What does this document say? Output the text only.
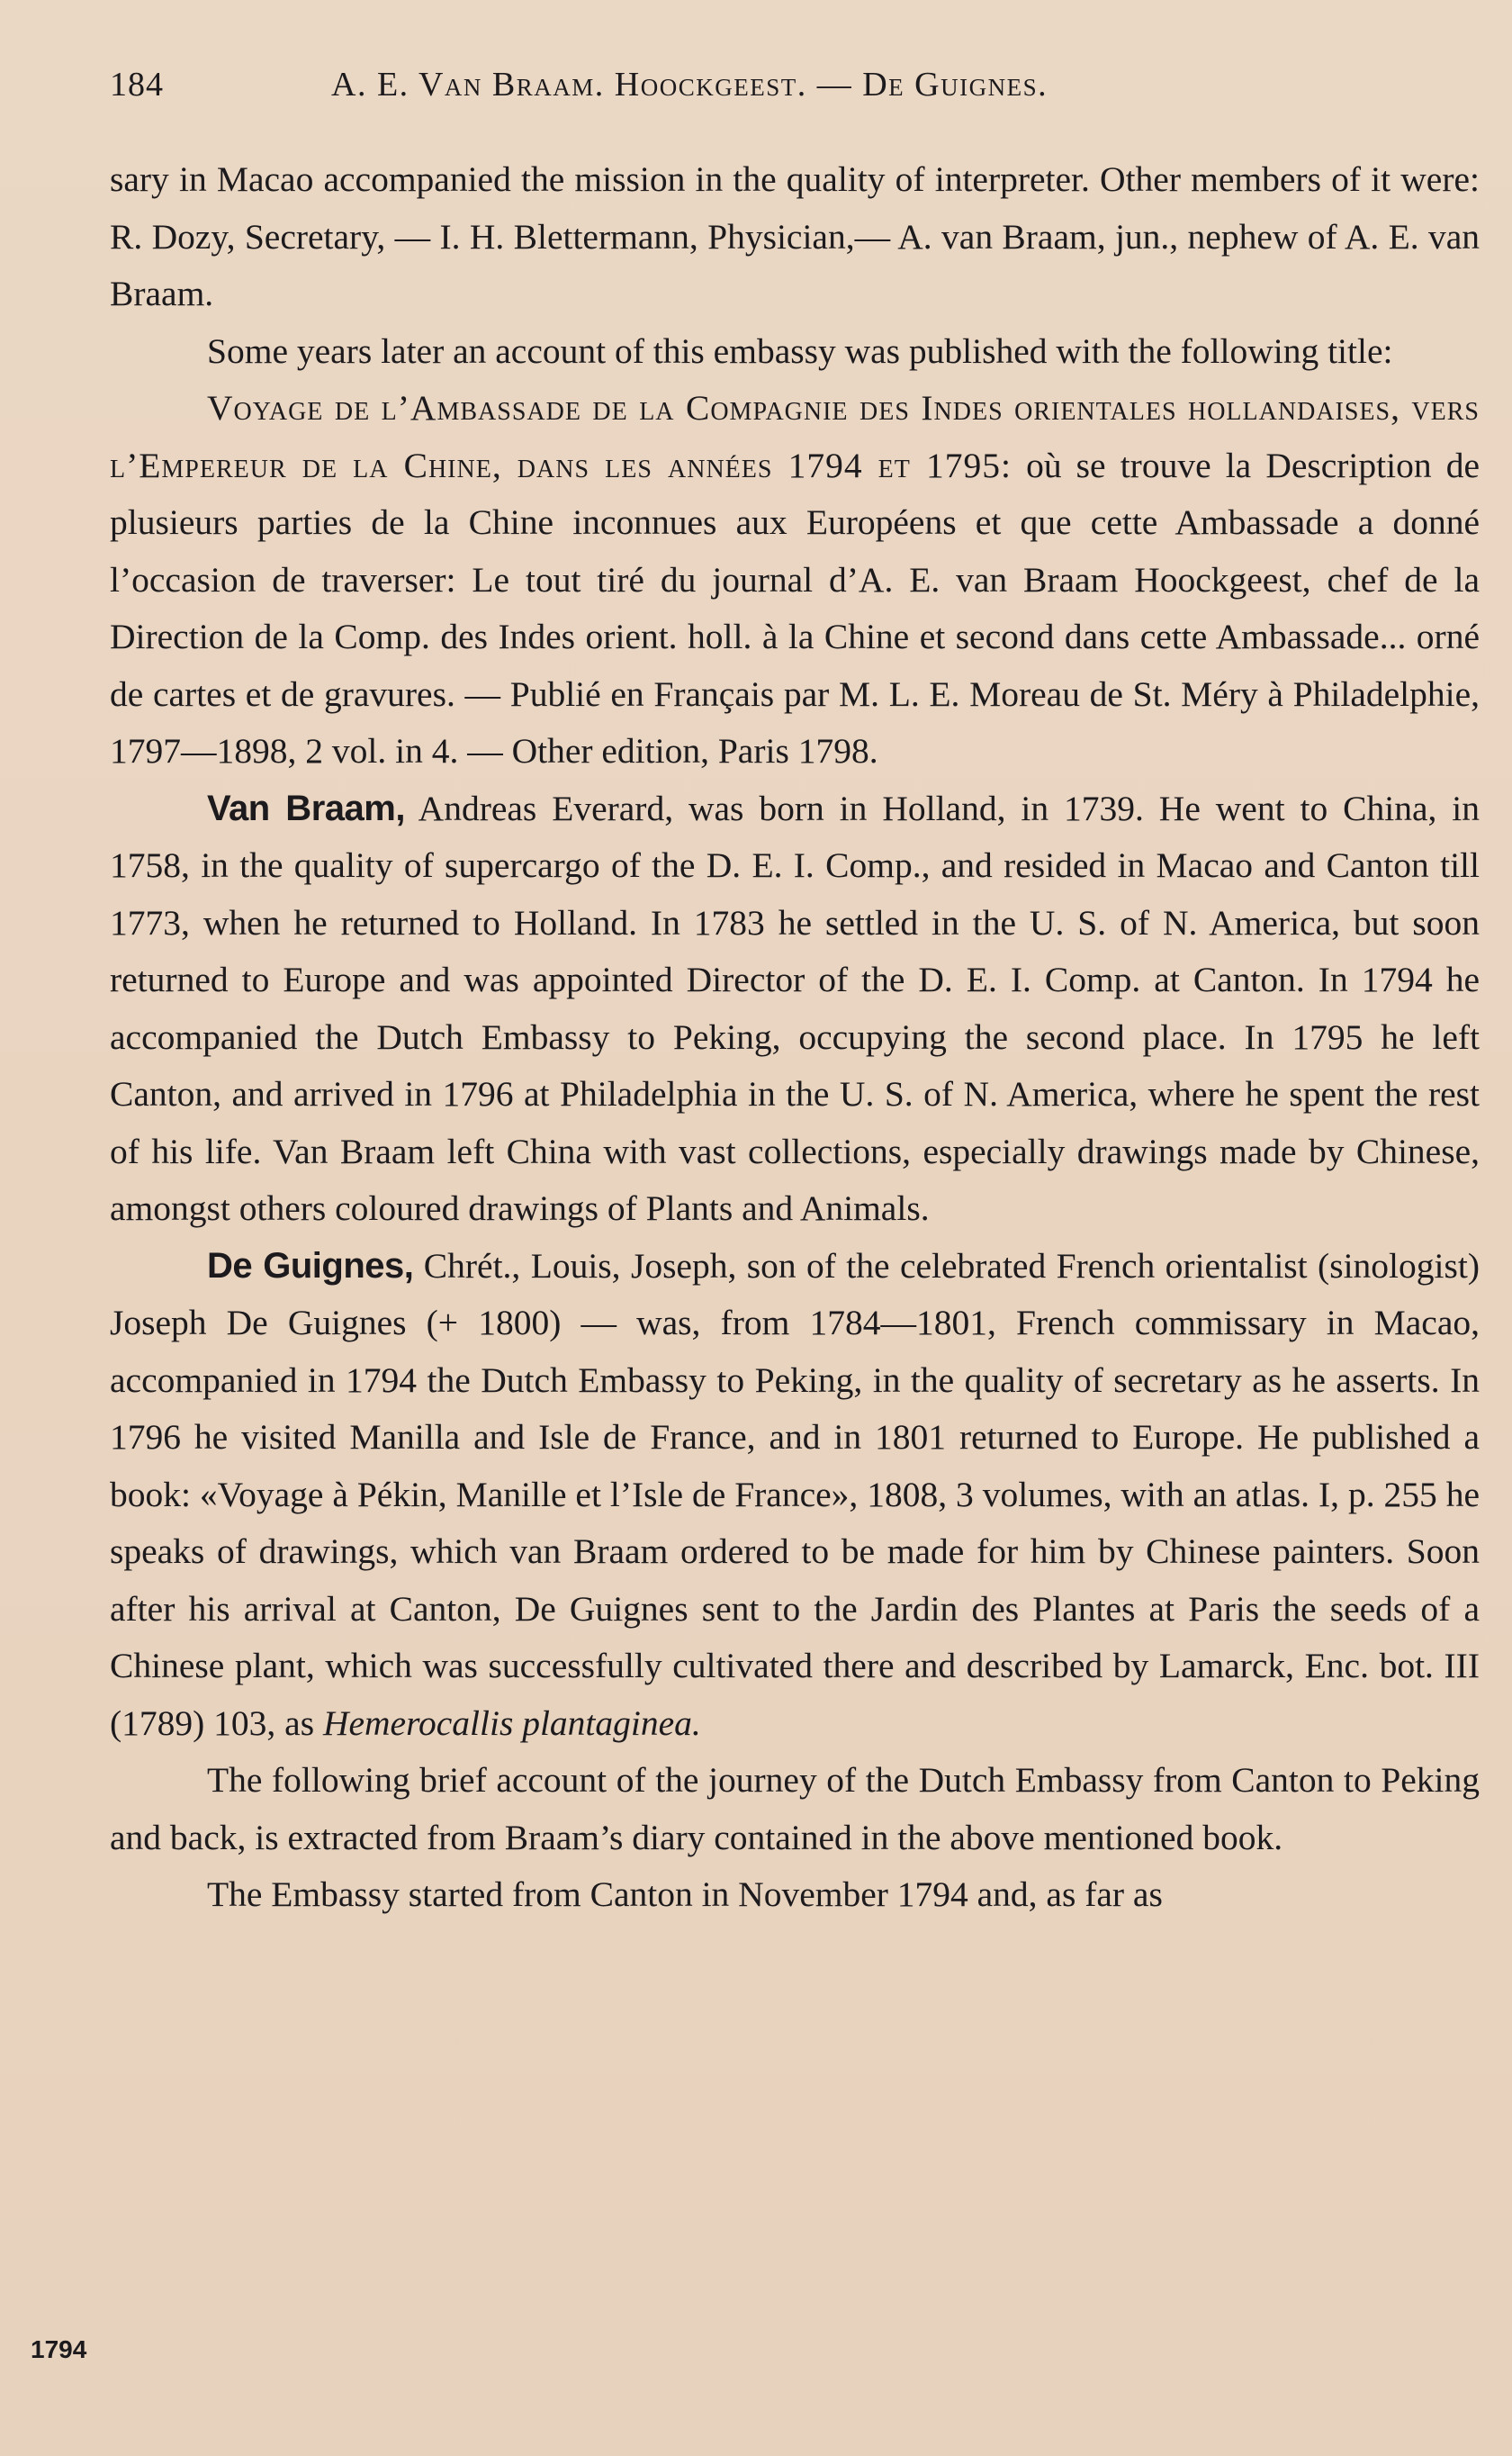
184	A. E. Van Braam. Hoockgeest. — De Guignes.

sary in Macao accompanied the mission in the quality of interpreter. Other members of it were: R. Dozy, Secretary, — I. H. Blettermann, Physician,— A. van Braam, jun., nephew of A. E. van Braam.

Some years later an account of this embassy was published with the following title:

Voyage de l’Ambassade de la Compagnie des Indes orientales hollandaises, vers l’Empereur de la Chine, dans les années 1794 et 1795: où se trouve la Description de plusieurs parties de la Chine inconnues aux Européens et que cette Ambassade a donné l’occasion de traverser: Le tout tiré du journal d’A. E. van Braam Hoockgeest, chef de la Direction de la Comp. des Indes orient. holl. à la Chine et second dans cette Ambassade... orné de cartes et de gravures. — Publié en Français par M. L. E. Moreau de St. Méry à Philadelphie, 1797—1898, 2 vol. in 4. — Other edition, Paris 1798.

Van Braam, Andreas Everard, was born in Holland, in 1739. He went to China, in 1758, in the quality of supercargo of the D. E. I. Comp., and resided in Macao and Canton till 1773, when he returned to Holland. In 1783 he settled in the U. S. of N. America, but soon returned to Europe and was appointed Director of the D. E. I. Comp. at Canton. In 1794 he accompanied the Dutch Embassy to Peking, occupying the second place. In 1795 he left Canton, and arrived in 1796 at Philadelphia in the U. S. of N. America, where he spent the rest of his life. Van Braam left China with vast collections, especially drawings made by Chinese, amongst others coloured drawings of Plants and Animals.

De Guignes, Chrét., Louis, Joseph, son of the celebrated French orientalist (sinologist) Joseph De Guignes (+ 1800) — was, from 1784—1801, French commissary in Macao, accompanied in 1794 the Dutch Embassy to Peking, in the quality of secretary as he asserts. In 1796 he visited Manilla and Isle de France, and in 1801 returned to Europe. He published a book: «Voyage à Pékin, Manille et l’Isle de France», 1808, 3 volumes, with an atlas. I, p. 255 he speaks of drawings, which van Braam ordered to be made for him by Chinese painters. Soon after his arrival at Canton, De Guignes sent to the Jardin des Plantes at Paris the seeds of a Chinese plant, which was successfully cultivated there and described by Lamarck, Enc. bot. III (1789) 103, as Hemerocallis plantaginea.

The following brief account of the journey of the Dutch Embassy from Canton to Peking and back, is extracted from Braam’s diary contained in the above mentioned book.

The Embassy started from Canton in November 1794 and, as far as

1794
